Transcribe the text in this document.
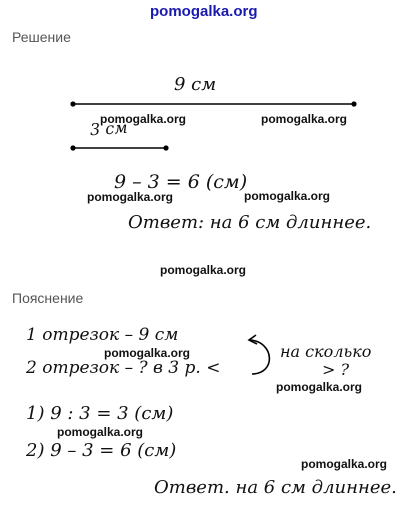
pomogalka.org
Решение
Пояснение
9 см
3 см
9 – 3 = 6 (см)
Ответ: на 6 см длиннее.
pomogalka.org	pomogalka.org
pomogalka.org	pomogalka.org
pomogalka.org
1 отрезок – 9 см
2 отрезок – ? в 3 р. <
на сколько
> ?
1) 9 : 3 = 3 (см)
2) 9 – 3 = 6 (см)
Ответ. на 6 см длиннее.
pomogalka.org
pomogalka.org
pomogalka.org
pomogalka.org
